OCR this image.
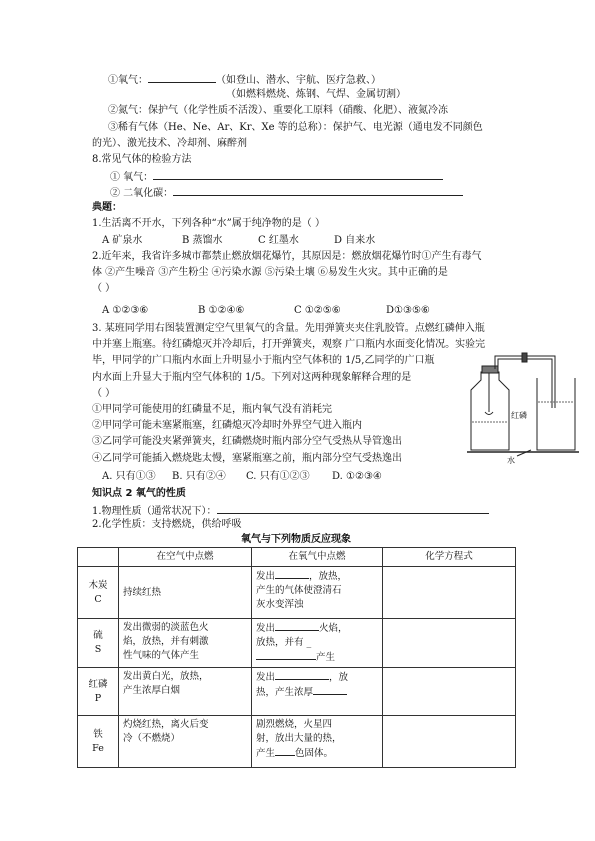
①氧气：	（如登山、潜水、宇航、医疗急救、）
（如燃料燃烧、炼钢、气焊、金属切割）
②氮气：保护气（化学性质不活泼）、重要化工原料（硝酸、化肥）、液氮冷冻
③稀有气体（He、Ne、Ar、Kr、Xe 等的总称）：保护气、电光源（通电发不同颜色
的光）、激光技术、冷却剂、麻醉剂
8.常见气体的检验方法
① 氧气：
② 二氧化碳：
典题：
1.生活离不开水，下列各种“水”属于纯净物的是（ ）
A 矿泉水	B 蒸馏水	C 红墨水	D 自来水
2.近年来，我省许多城市都禁止燃放烟花爆竹，其原因是：燃放烟花爆竹时①产生有毒气
体 ②产生噪音 ③产生粉尘 ④污染水源 ⑤污染土壤 ⑥易发生火灾。其中正确的是
（ ）
A ①②③⑥	B ①②④⑥	C ①②⑤⑥	D①③⑤⑥
3. 某班同学用右图装置测定空气里氧气的含量。先用弹簧夹夹住乳胶管。点燃红磷伸入瓶
中并塞上瓶塞。待红磷熄灭并冷却后，打开弹簧夹，观察 广口瓶内水面变化情况。实验完
毕，甲同学的广口瓶内水面上升明显小于瓶内空气体积的 1/5,乙同学的广口瓶
内水面上升显大于瓶内空气体积的 1/5。下列对这两种现象解释合理的是
（ ）
①甲同学可能使用的红磷量不足，瓶内氧气没有消耗完
②甲同学可能未塞紧瓶塞，红磷熄灭冷却时外界空气进入瓶内
③乙同学可能没夹紧弹簧夹，红磷燃烧时瓶内部分空气受热从导管逸出
④乙同学可能插入燃烧匙太慢，塞紧瓶塞之前，瓶内部分空气受热逸出
A. 只有①③ B. 只有②④ C. 只有①②③ D. ①②③④
红磷
水
知识点 2 氧气的性质
1.物理性质（通常状况下）：
2.化学性质：支持燃烧，供给呼吸
氧气与下列物质反应现象
	在空气中点燃	在氧气中点燃	化学方程式
木炭
C	持续红热	发出 ，放热，
产生的气体使澄清石
灰水变浑浊	
硫
S	发出微弱的淡蓝色火
焰，放热，并有刺激
性气味的气体产生	发出 火焰，
放热，并有 _
产生	
红磷
P	发出黄白光，放热，
产生浓厚白烟	发出 ，放
热，产生浓厚	
铁
Fe	灼烧红热，离火后变
冷（不燃烧）	剧烈燃烧，火星四
射，放出大量的热，
产生 色固体。	
